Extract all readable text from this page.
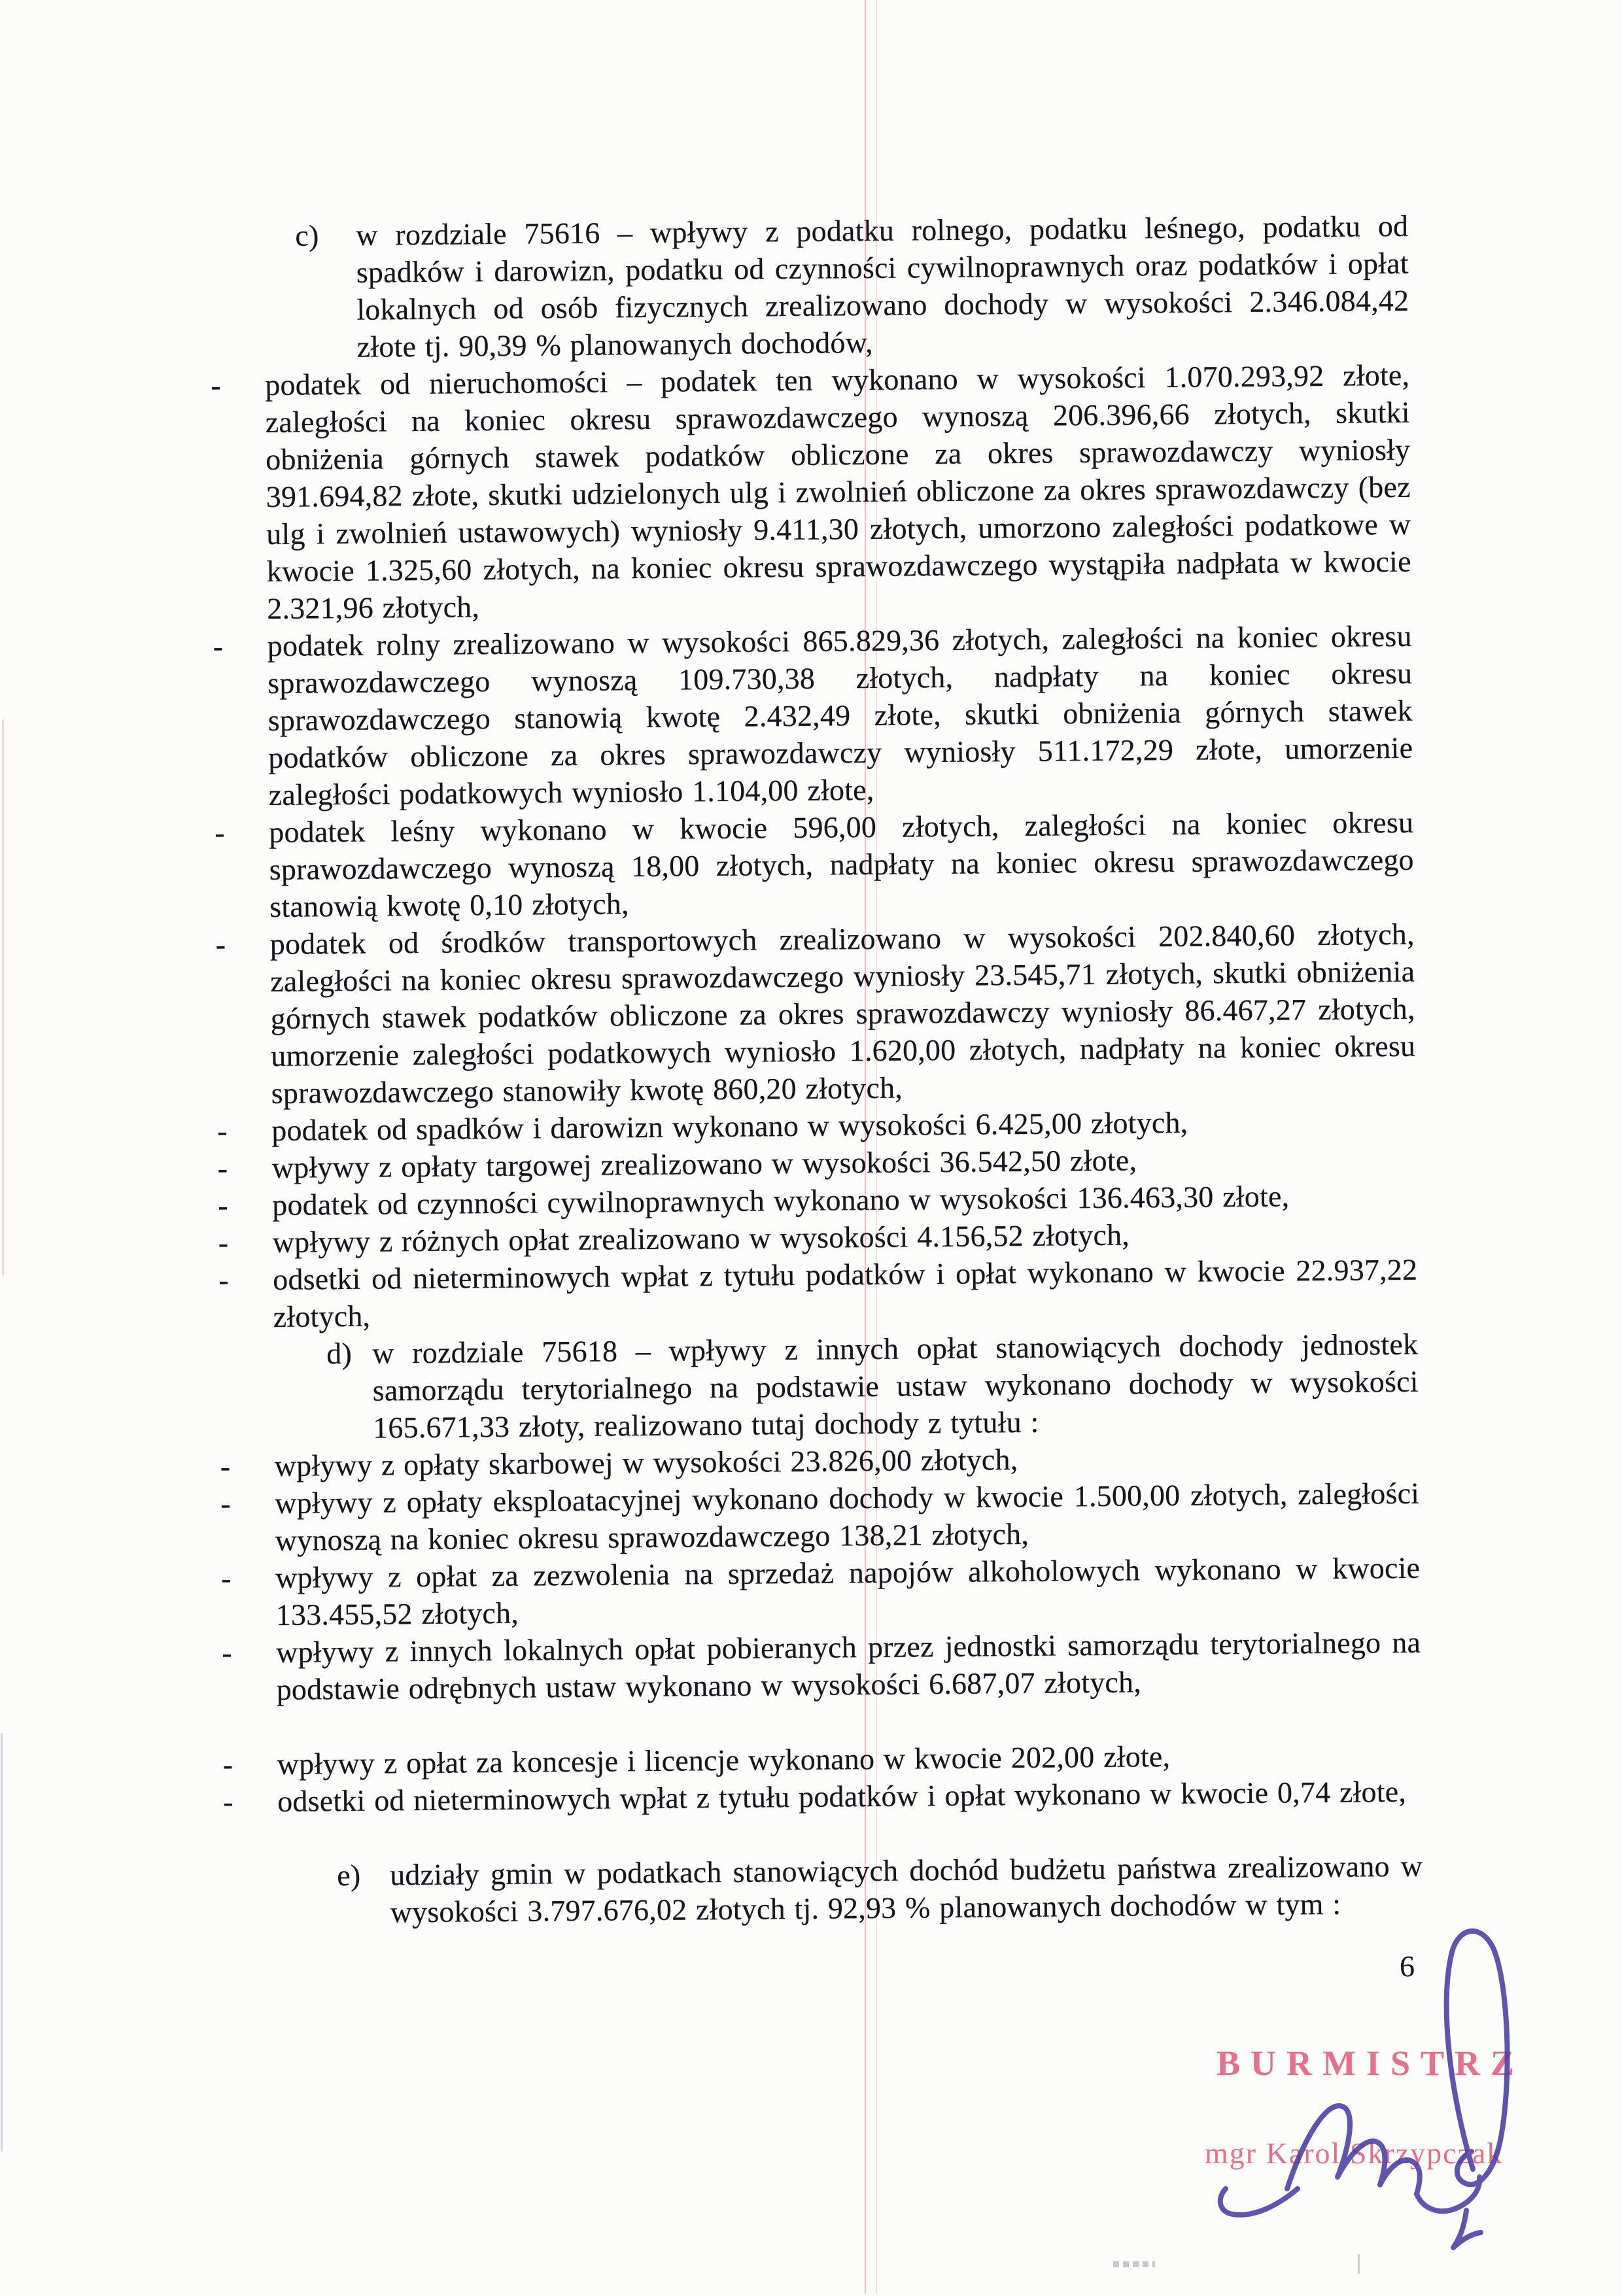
c) w rozdziale 75616 – wpływy z podatku rolnego, podatku leśnego, podatku od spadków i darowizn, podatku od czynności cywilnoprawnych oraz podatków i opłat lokalnych od osób fizycznych zrealizowano dochody w wysokości 2.346.084,42 złote tj. 90,39 % planowanych dochodów,
- podatek od nieruchomości – podatek ten wykonano w wysokości 1.070.293,92 złote, zaległości na koniec okresu sprawozdawczego wynoszą 206.396,66 złotych, skutki obniżenia górnych stawek podatków obliczone za okres sprawozdawczy wyniosły 391.694,82 złote, skutki udzielonych ulg i zwolnień obliczone za okres sprawozdawczy (bez ulg i zwolnień ustawowych) wyniosły 9.411,30 złotych, umorzono zaległości podatkowe w kwocie 1.325,60 złotych, na koniec okresu sprawozdawczego wystąpiła nadpłata w kwocie 2.321,96 złotych,
- podatek rolny zrealizowano w wysokości 865.829,36 złotych, zaległości na koniec okresu sprawozdawczego wynoszą 109.730,38 złotych, nadpłaty na koniec okresu sprawozdawczego stanowią kwotę 2.432,49 złote, skutki obniżenia górnych stawek podatków obliczone za okres sprawozdawczy wyniosły 511.172,29 złote, umorzenie zaległości podatkowych wyniosło 1.104,00 złote,
- podatek leśny wykonano w kwocie 596,00 złotych, zaległości na koniec okresu sprawozdawczego wynoszą 18,00 złotych, nadpłaty na koniec okresu sprawozdawczego stanowią kwotę 0,10 złotych,
- podatek od środków transportowych zrealizowano w wysokości 202.840,60 złotych, zaległości na koniec okresu sprawozdawczego wyniosły 23.545,71 złotych, skutki obniżenia górnych stawek podatków obliczone za okres sprawozdawczy wyniosły 86.467,27 złotych, umorzenie zaległości podatkowych wyniosło 1.620,00 złotych, nadpłaty na koniec okresu sprawozdawczego stanowiły kwotę 860,20 złotych,
- podatek od spadków i darowizn wykonano w wysokości 6.425,00 złotych,
- wpływy z opłaty targowej zrealizowano w wysokości 36.542,50 złote,
- podatek od czynności cywilnoprawnych wykonano w wysokości 136.463,30 złote,
- wpływy z różnych opłat zrealizowano w wysokości 4.156,52 złotych,
- odsetki od nieterminowych wpłat z tytułu podatków i opłat wykonano w kwocie 22.937,22 złotych,
d) w rozdziale 75618 – wpływy z innych opłat stanowiących dochody jednostek samorządu terytorialnego na podstawie ustaw wykonano dochody w wysokości 165.671,33 złoty, realizowano tutaj dochody z tytułu :
- wpływy z opłaty skarbowej w wysokości 23.826,00 złotych,
- wpływy z opłaty eksploatacyjnej wykonano dochody w kwocie 1.500,00 złotych, zaległości wynoszą na koniec okresu sprawozdawczego 138,21 złotych,
- wpływy z opłat za zezwolenia na sprzedaż napojów alkoholowych wykonano w kwocie 133.455,52 złotych,
- wpływy z innych lokalnych opłat pobieranych przez jednostki samorządu terytorialnego na podstawie odrębnych ustaw wykonano w wysokości 6.687,07 złotych,
- wpływy z opłat za koncesje i licencje wykonano w kwocie 202,00 złote,
- odsetki od nieterminowych wpłat z tytułu podatków i opłat wykonano w kwocie 0,74 złote,
e) udziały gmin w podatkach stanowiących dochód budżetu państwa zrealizowano w wysokości 3.797.676,02 złotych tj. 92,93 % planowanych dochodów w tym :
6
BURMISTRZ
mgr Karol Skrzypczak
